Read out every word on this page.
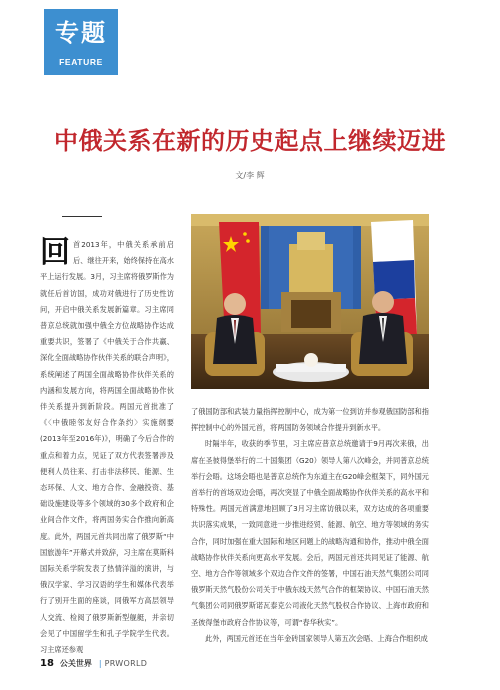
专题
FEATURE
中俄关系在新的历史起点上继续迈进
文/李 辉
回 首2013年，中俄关系承前启后、继往开来，始终保持在高水平上运行发展。3月，习主席将俄罗斯作为就任后首访国，成功对俄进行了历史性访问，开启中俄关系发展新篇章。习主席同普京总统就加强中俄全方位战略协作达成重要共识，签署了《中俄关于合作共赢、深化全面战略协作伙伴关系的联合声明》，系统阐述了两国全面战略协作伙伴关系的内涵和发展方向，将两国全面战略协作伙伴关系提升到新阶段。两国元首批准了《〈中俄睦邻友好合作条约〉实施纲要(2013年至2016年)》，明确了今后合作的重点和着力点，见证了双方代表签署涉及便利人员往来、打击非法移民、能源、生态环保、人文、地方合作、金融投资、基础设施建设等多个领域的30多个政府和企业间合作文件，将两国务实合作推向新高度。此外，两国元首共同出席了俄罗斯“中国旅游年”开幕式并致辞，习主席在莫斯科国际关系学院发表了热情洋溢的演讲，与俄汉学家、学习汉语的学生和媒体代表举行了别开生面的座谈，同俄军方高层领导人交流、检阅了俄罗斯新型舰艇，并亲切会见了中国留学生和孔子学院学生代表。习主席还参观

了俄国防部和武装力量指挥控制中心，成为第一位到访并参观俄国防部和指挥控制中心的外国元首，将两国防务领域合作提升到新水平。

时隔半年，收获的季节里，习主席应普京总统邀请于9月再次来俄，出席在圣彼得堡举行的二十国集团（G20）领导人第八次峰会，并同普京总统举行会晤。这场会晤也是普京总统作为东道主在G20峰会框架下，同外国元首举行的首场双边会晤，再次突显了中俄全面战略协作伙伴关系的高水平和特殊性。两国元首满意地回顾了3月习主席访俄以来，双方达成的各项重要共识落实成果，一致同意进一步推进经贸、能源、航空、地方等领域的务实合作，同时加强在重大国际和地区问题上的战略沟通和协作，推动中俄全面战略协作伙伴关系向更高水平发展。会后，两国元首还共同见证了能源、航空、地方合作等领域多个双边合作文件的签署，中国石油天然气集团公司同俄罗斯天然气股份公司关于中俄东线天然气合作的框架协议、中国石油天然气集团公司同俄罗斯诺瓦泰克公司液化天然气股权合作协议、上海市政府和圣彼得堡市政府合作协议等，可谓“春华秋实”。

此外，两国元首还在当年金砖国家领导人第五次会晤、上海合作组织成

18 公关世界 | PRWORLD
